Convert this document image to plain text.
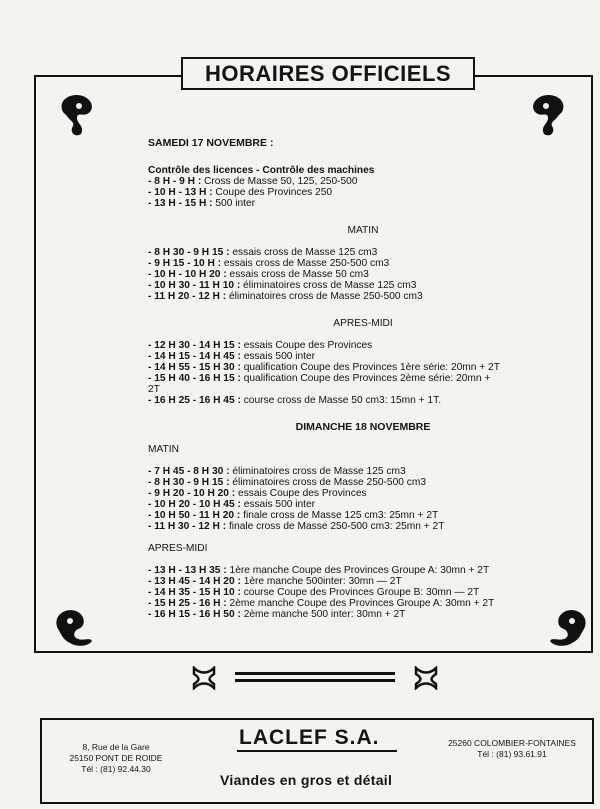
HORAIRES OFFICIELS
SAMEDI 17 NOVEMBRE :
Contrôle des licences - Contrôle des machines
- 8 H - 9 H : Cross de Masse 50, 125, 250-500
- 10 H - 13 H : Coupe des Provinces 250
- 13 H - 15 H : 500 inter
MATIN
- 8 H 30 - 9 H 15 : essais cross de Masse 125 cm3
- 9 H 15 - 10 H : essais cross de Masse 250-500 cm3
- 10 H - 10 H 20 : essais cross de Masse 50 cm3
- 10 H 30 - 11 H 10 : éliminatoires cross de Masse 125 cm3
- 11 H 20 - 12 H : éliminatoires cross de Masse 250-500 cm3
APRES-MIDI
- 12 H 30 - 14 H 15 : essais Coupe des Provinces
- 14 H 15 - 14 H 45 : essais 500 inter
- 14 H 55 - 15 H 30 : qualification Coupe des Provinces 1ère série: 20mn + 2T
- 15 H 40 - 16 H 15 : qualification Coupe des Provinces 2ème série: 20mn +
2T
- 16 H 25 - 16 H 45 : course cross de Masse 50 cm3: 15mn + 1T.
DIMANCHE 18 NOVEMBRE
MATIN
- 7 H 45 - 8 H 30 : éliminatoires cross de Masse 125 cm3
- 8 H 30 - 9 H 15 : éliminatoires cross de Masse 250-500 cm3
- 9 H 20 - 10 H 20 : essais Coupe des Provinces
- 10 H 20 - 10 H 45 : essais 500 inter
- 10 H 50 - 11 H 20 : finale cross de Masse 125 cm3: 25mn + 2T
- 11 H 30 - 12 H : finale cross de Masse 250-500 cm3: 25mn + 2T
APRES-MIDI
- 13 H - 13 H 35 : 1ère manche Coupe des Provinces Groupe A: 30mn + 2T
- 13 H 45 - 14 H 20 : 1ère manche 500inter: 30mn — 2T
- 14 H 35 - 15 H 10 : course Coupe des Provinces Groupe B: 30mn — 2T
- 15 H 25 - 16 H : 2ème manche Coupe des Provinces Groupe A: 30mn + 2T
- 16 H 15 - 16 H 50 : 2ème manche 500 inter: 30mn + 2T
LACLEF S.A.
Viandes en gros et détail
8, Rue de la Gare
25150 PONT DE ROIDE
Tél : (81) 92.44.30
25260 COLOMBIER-FONTAINES
Tél : (81) 93.61.91
